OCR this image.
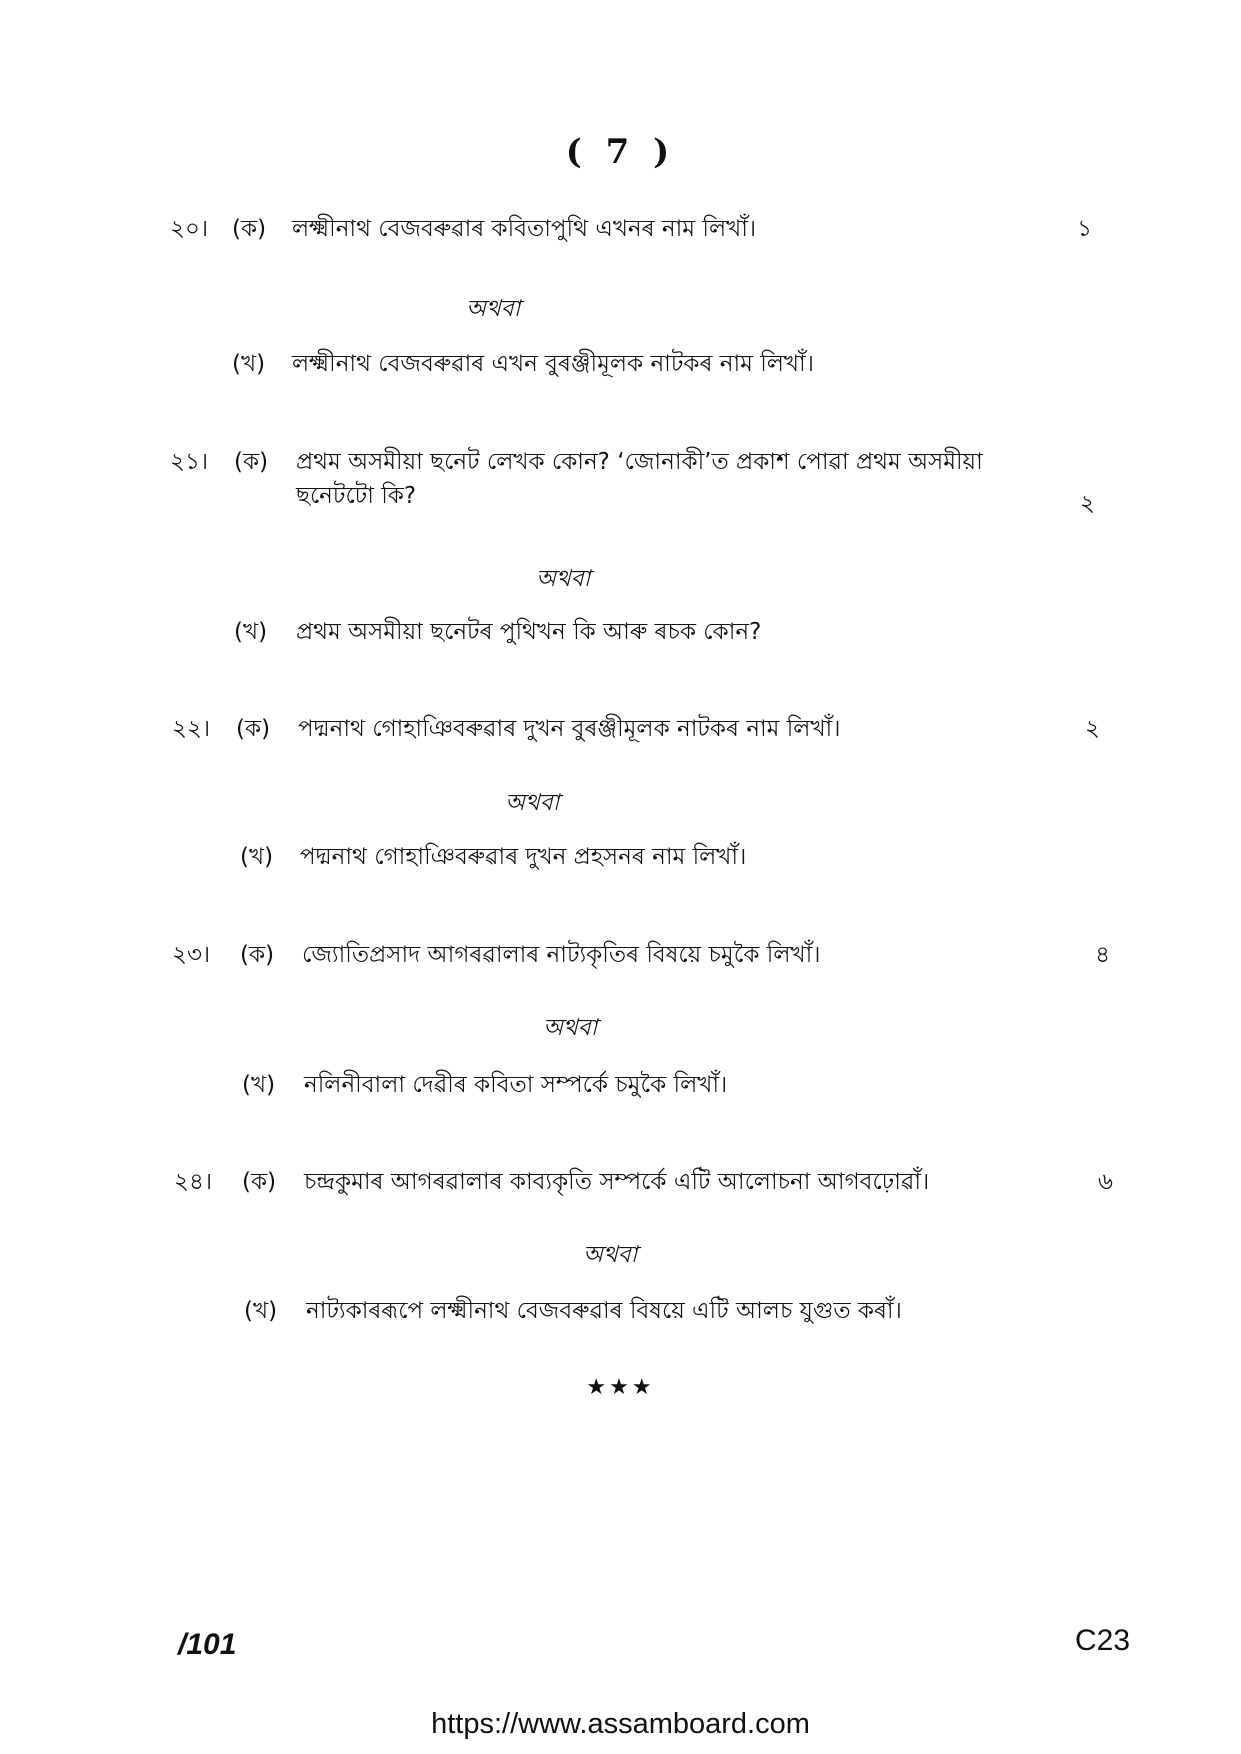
( 7 )
২০। (ক) লক্ষ্মীনাথ বেজবৰুৱাৰ কবিতাপুথি এখনৰ নাম লিখাঁ।	১
অথবা
(খ) লক্ষ্মীনাথ বেজবৰুৱাৰ এখন বুৰঞ্জীমূলক নাটকৰ নাম লিখাঁ।
২১। (ক) প্ৰথম অসমীয়া ছনেট লেখক কোন? ‘জোনাকী’ত প্ৰকাশ পোৱা প্ৰথম অসমীয়া ছনেটটো কি?	২
অথবা
(খ) প্ৰথম অসমীয়া ছনেটৰ পুথিখন কি আৰু ৰচক কোন?
২২। (ক) পদ্মনাথ গোহাঞিবৰুৱাৰ দুখন বুৰঞ্জীমূলক নাটকৰ নাম লিখাঁ।	২
অথবা
(খ) পদ্মনাথ গোহাঞিবৰুৱাৰ দুখন প্ৰহসনৰ নাম লিখাঁ।
২৩। (ক) জ্যোতিপ্ৰসাদ আগৰৱালাৰ নাট্যকৃতিৰ বিষয়ে চমুকৈ লিখাঁ।	৪
অথবা
(খ) নলিনীবালা দেৱীৰ কবিতা সম্পৰ্কে চমুকৈ লিখাঁ।
২৪। (ক) চন্দ্ৰকুমাৰ আগৰৱালাৰ কাব্যকৃতি সম্পৰ্কে এটি আলোচনা আগবঢ়োৱাঁ।	৬
অথবা
(খ) নাট্যকাৰৰূপে লক্ষ্মীনাথ বেজবৰুৱাৰ বিষয়ে এটি আলচ যুগুত কৰাঁ।
★★★
/101	C23
https://www.assamboard.com
